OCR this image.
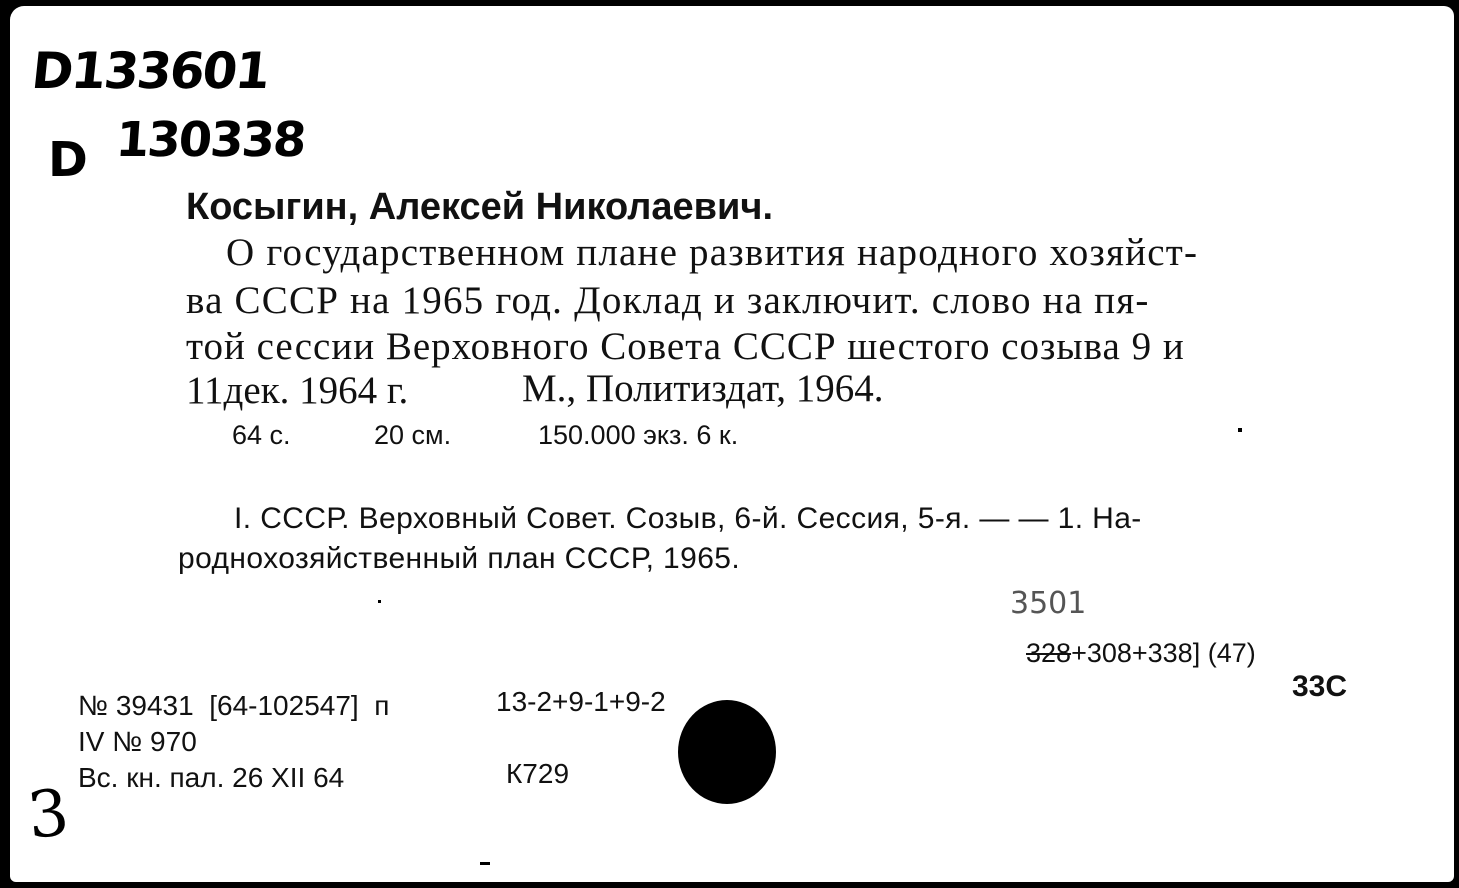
D133601
D 130338
Косыгин, Алексей Николаевич.
О государственном плане развития народного хозяйст-
ва СССР на 1965 год. Доклад и заключит. слово на пя-
той сессии Верховного Совета СССР шестого созыва 9 и
11дек. 1964 г.	М., Политиздат, 1964.
64 с.	20 см.	150.000 экз. 6 к.
I. СССР. Верховный Совет. Созыв, 6-й. Сессия, 5-я. — — 1. На-
роднохозяйственный план СССР, 1965.
3501
328+308+338] (47)
33С
№ 39431  [64-102547]  п	13-2+9-1+9-2
IV № 970
Вс. кн. пал. 26 XII 64	К729
3
